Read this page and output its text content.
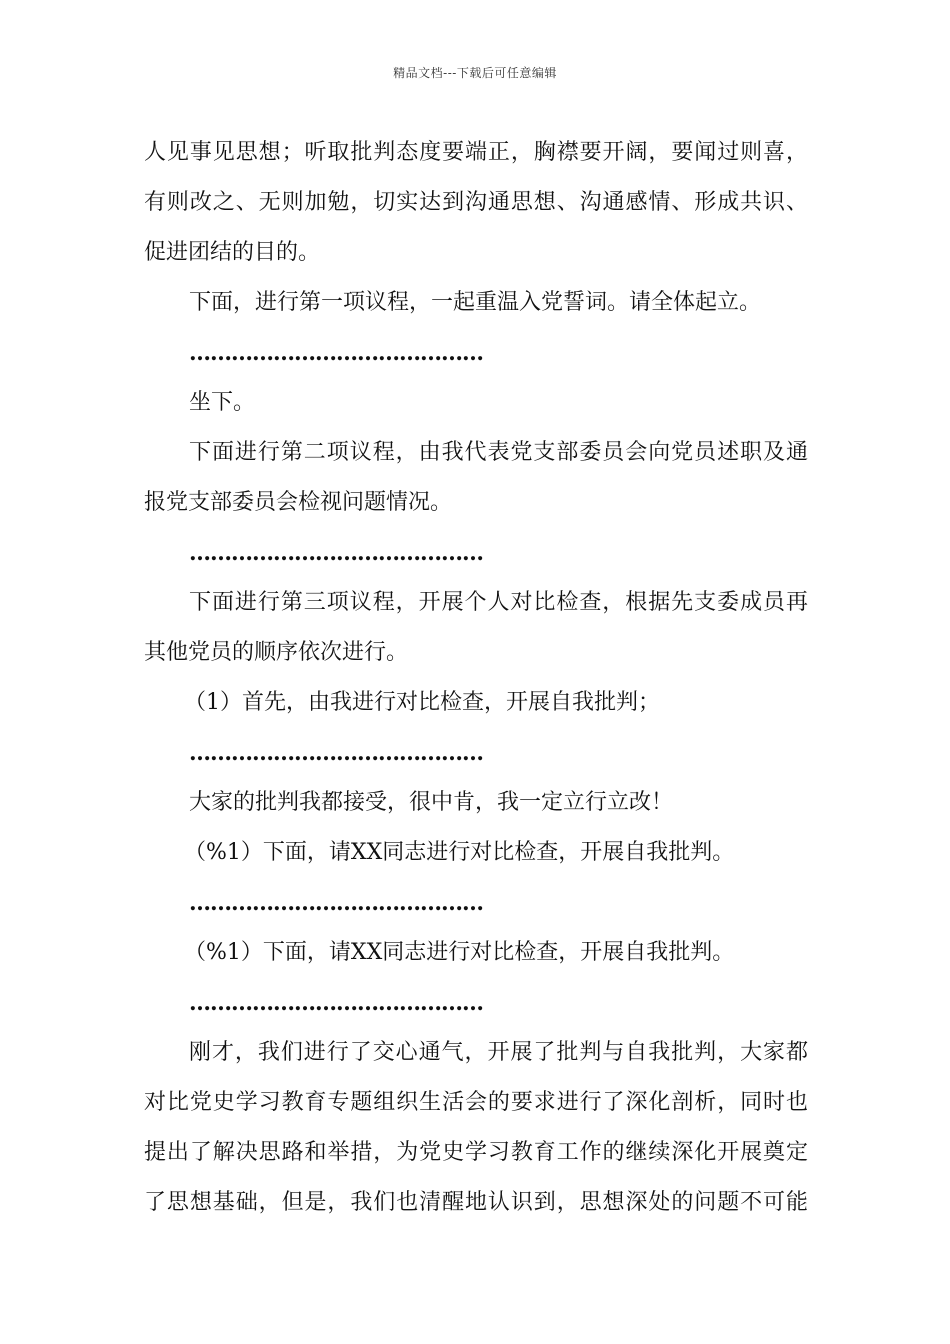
精品文档---下载后可任意编辑
人见事见思想；听取批判态度要端正，胸襟要开阔，要闻过则喜，
有则改之、无则加勉，切实达到沟通思想、沟通感情、形成共识、
促进团结的目的。
下面，进行第一项议程，一起重温入党誓词。请全体起立。
……………………………………
坐下。
下面进行第二项议程，由我代表党支部委员会向党员述职及通
报党支部委员会检视问题情况。
……………………………………
下面进行第三项议程，开展个人对比检查，根据先支委成员再
其他党员的顺序依次进行。
（1）首先，由我进行对比检查，开展自我批判；
……………………………………
大家的批判我都接受，很中肯，我一定立行立改！
（%1）下面，请XX同志进行对比检查，开展自我批判。
……………………………………
（%1）下面，请XX同志进行对比检查，开展自我批判。
……………………………………
刚才，我们进行了交心通气，开展了批判与自我批判，大家都
对比党史学习教育专题组织生活会的要求进行了深化剖析，同时也
提出了解决思路和举措，为党史学习教育工作的继续深化开展奠定
了思想基础，但是，我们也清醒地认识到，思想深处的问题不可能
